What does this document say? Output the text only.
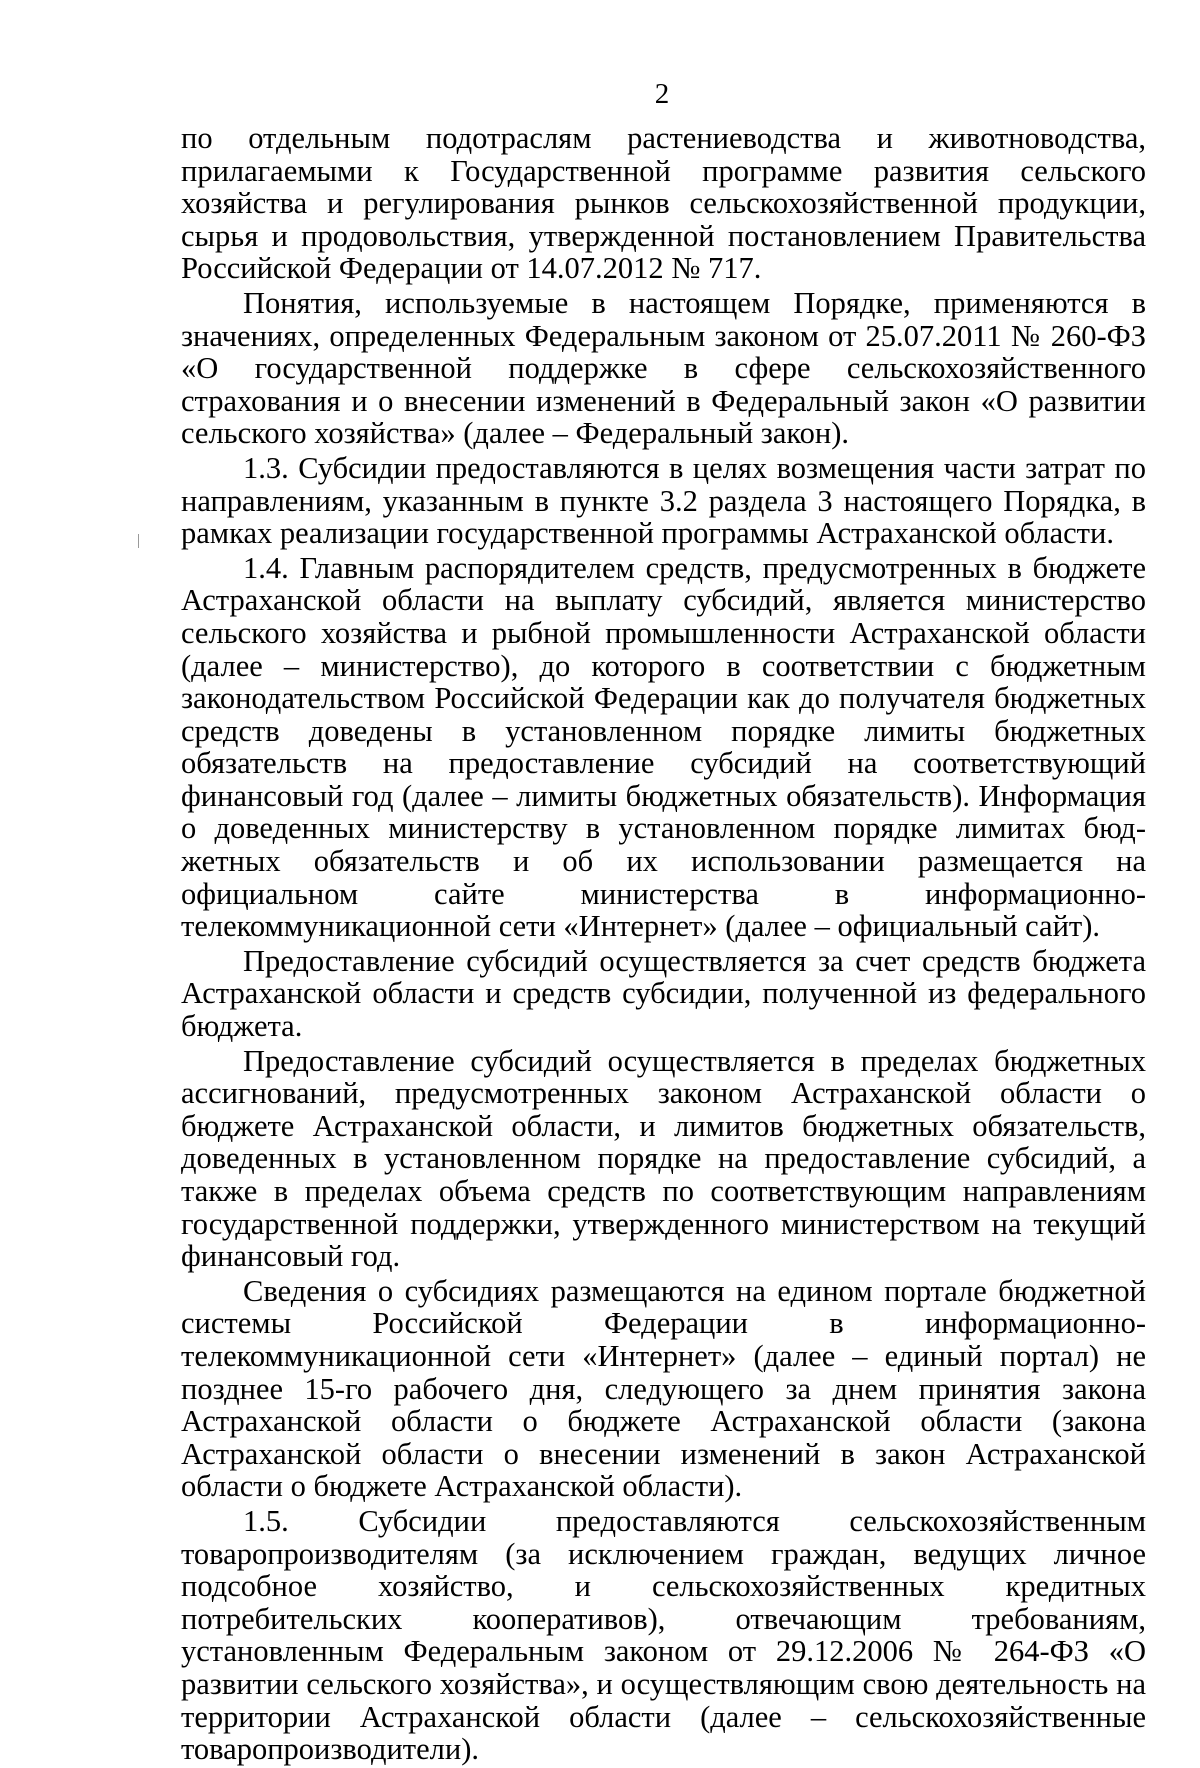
2

по отдельным подотраслям растениеводства и животноводства, прилагаемыми к Государственной программе развития сельского хозяйства и регулирования рынков сельскохозяйственной продукции, сырья и продовольствия, утвержденной постановлением Правительства Российской Федерации от 14.07.2012 № 717.

Понятия, используемые в настоящем Порядке, применяются в значениях, определенных Федеральным законом от 25.07.2011 № 260-ФЗ «О государственной поддержке в сфере сельскохозяйственного страхования и о внесении изменений в Федеральный закон «О развитии сельского хозяйства» (далее – Федеральный закон).

1.3. Субсидии предоставляются в целях возмещения части затрат по направлениям, указанным в пункте 3.2 раздела 3 настоящего Порядка, в рамках реализации государственной программы Астраханской области.

1.4. Главным распорядителем средств, предусмотренных в бюджете Астраханской области на выплату субсидий, является министерство сельского хозяйства и рыбной промышленности Астраханской области (далее – министерство), до которого в соответствии с бюджетным законодательством Российской Федерации как до получателя бюджетных средств доведены в установленном порядке лимиты бюджетных обязательств на предоставление субсидий на соответствующий финансовый год (далее – лимиты бюджетных обязательств). Информация о доведенных министерству в установленном порядке лимитах бюджетных обязательств и об их использовании размещается на официальном сайте министерства в информационно-телекоммуникационной сети «Интернет» (далее – официальный сайт).

Предоставление субсидий осуществляется за счет средств бюджета Астраханской области и средств субсидии, полученной из федерального бюджета.

Предоставление субсидий осуществляется в пределах бюджетных ассигнований, предусмотренных законом Астраханской области о бюджете Астраханской области, и лимитов бюджетных обязательств, доведенных в установленном порядке на предоставление субсидий, а также в пределах объема средств по соответствующим направлениям государственной поддержки, утвержденного министерством на текущий финансовый год.

Сведения о субсидиях размещаются на едином портале бюджетной системы Российской Федерации в информационно-телекоммуникационной сети «Интернет» (далее – единый портал) не позднее 15-го рабочего дня, следующего за днем принятия закона Астраханской области о бюджете Астраханской области (закона Астраханской области о внесении изменений в закон Астраханской области о бюджете Астраханской области).

1.5. Субсидии предоставляются сельскохозяйственным товаропроизводителям (за исключением граждан, ведущих личное подсобное хозяйство, и сельскохозяйственных кредитных потребительских кооперативов), отвечающим требованиям, установленным Федеральным законом от 29.12.2006 № 264-ФЗ «О развитии сельского хозяйства», и осуществляющим свою деятельность на территории Астраханской области (далее – сельскохозяйственные товаропроизводители).
